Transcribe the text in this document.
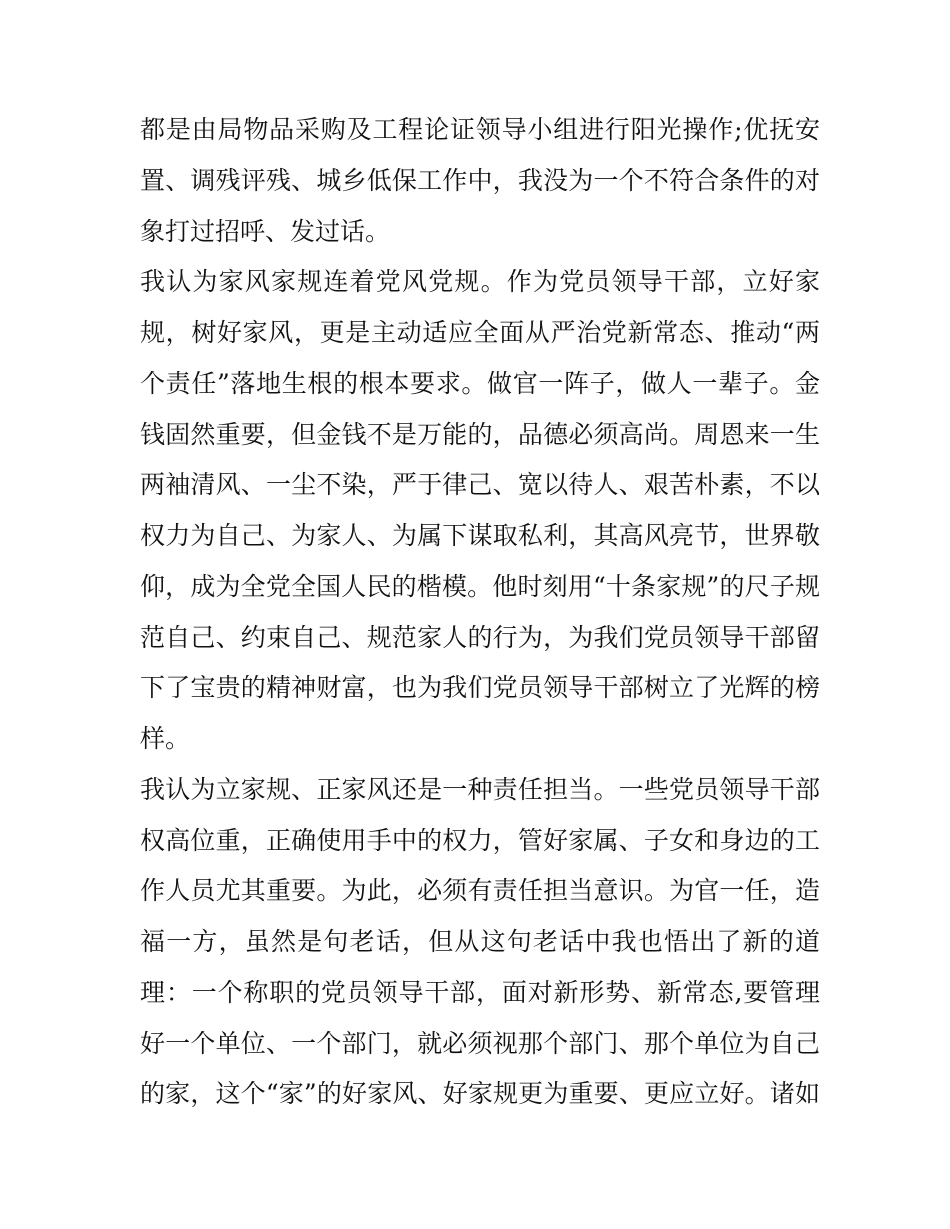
都是由局物品采购及工程论证领导小组进行阳光操作;优抚安
置、调残评残、城乡低保工作中，我没为一个不符合条件的对
象打过招呼、发过话。
我认为家风家规连着党风党规。作为党员领导干部，立好家
规，树好家风，更是主动适应全面从严治党新常态、推动“两
个责任”落地生根的根本要求。做官一阵子，做人一辈子。金
钱固然重要，但金钱不是万能的，品德必须高尚。周恩来一生
两袖清风、一尘不染，严于律己、宽以待人、艰苦朴素，不以
权力为自己、为家人、为属下谋取私利，其高风亮节，世界敬
仰，成为全党全国人民的楷模。他时刻用“十条家规”的尺子规
范自己、约束自己、规范家人的行为，为我们党员领导干部留
下了宝贵的精神财富，也为我们党员领导干部树立了光辉的榜
样。
我认为立家规、正家风还是一种责任担当。一些党员领导干部
权高位重，正确使用手中的权力，管好家属、子女和身边的工
作人员尤其重要。为此，必须有责任担当意识。为官一任，造
福一方，虽然是句老话，但从这句老话中我也悟出了新的道
理：一个称职的党员领导干部，面对新形势、新常态,要管理
好一个单位、一个部门，就必须视那个部门、那个单位为自己
的家，这个“家”的好家风、好家规更为重要、更应立好。诸如
